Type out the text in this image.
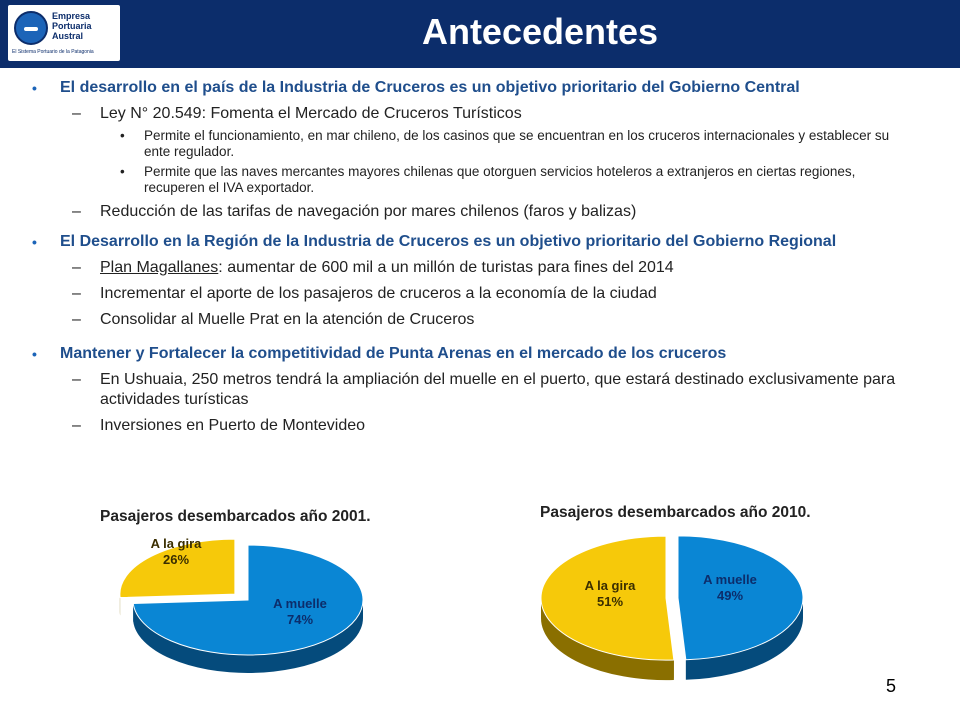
Empresa
Portuaria
Austral
El Sistema Portuario de la Patagonia	Antecedentes
• El desarrollo en el país de la Industria de Cruceros es un objetivo prioritario del Gobierno Central
– Ley N° 20.549: Fomenta el Mercado de Cruceros Turísticos
• Permite el funcionamiento, en mar chileno, de los casinos que se encuentran en los cruceros internacionales y establecer su ente regulador.
• Permite que las naves mercantes mayores chilenas que otorguen servicios hoteleros a extranjeros en ciertas regiones, recuperen el IVA exportador.
– Reducción de las tarifas de navegación por mares chilenos (faros y balizas)
• El Desarrollo en la Región de la Industria de Cruceros es un objetivo prioritario del Gobierno Regional
– Plan Magallanes: aumentar de 600 mil a un millón de turistas para fines del 2014
– Incrementar el aporte de los pasajeros de cruceros a la economía de la ciudad
– Consolidar al Muelle Prat en la atención de Cruceros
• Mantener y Fortalecer la competitividad de Punta Arenas en el mercado de los cruceros
– En Ushuaia, 250 metros tendrá la ampliación del muelle en el puerto, que estará destinado exclusivamente para actividades turísticas
– Inversiones en Puerto de Montevideo
Pasajeros desembarcados año 2001.	Pasajeros desembarcados año 2010.
A muelle
74%
A la gira
26%
A muelle
49%
A la gira
51%
5
